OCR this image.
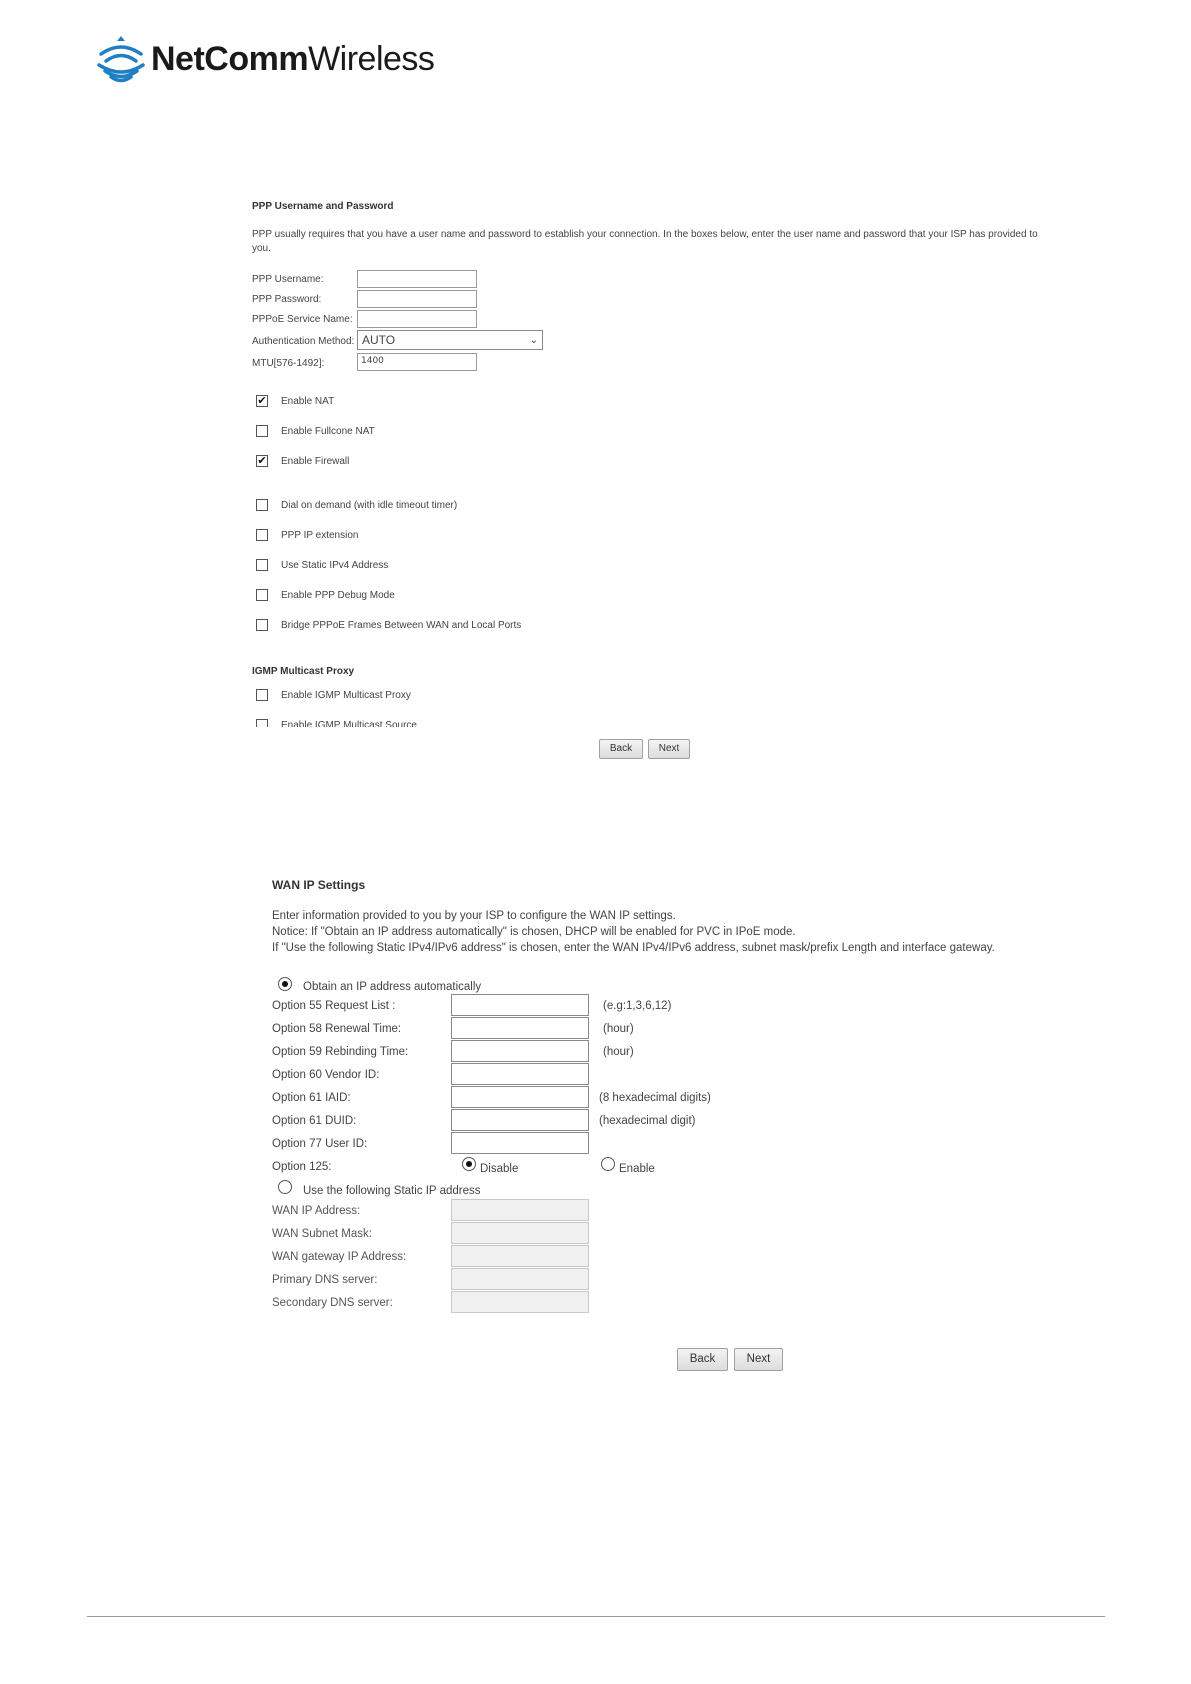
NetCommWireless
PPP Username and Password
PPP usually requires that you have a user name and password to establish your connection. In the boxes below, enter the user name and password that your ISP has provided to you.
PPP Username:
PPP Password:
PPPoE Service Name:
Authentication Method: AUTO	⌄
MTU[576-1492]:	1400
✔ Enable NAT
Enable Fullcone NAT
✔ Enable Firewall
Dial on demand (with idle timeout timer)
PPP IP extension
Use Static IPv4 Address
Enable PPP Debug Mode
Bridge PPPoE Frames Between WAN and Local Ports
IGMP Multicast Proxy
Enable IGMP Multicast Proxy
Enable IGMP Multicast Source
Back	Next
WAN IP Settings
Enter information provided to you by your ISP to configure the WAN IP settings.
Notice: If "Obtain an IP address automatically" is chosen, DHCP will be enabled for PVC in IPoE mode.
If "Use the following Static IPv4/IPv6 address" is chosen, enter the WAN IPv4/IPv6 address, subnet mask/prefix Length and interface gateway.
Obtain an IP address automatically
Option 55 Request List :	(e.g:1,3,6,12)
Option 58 Renewal Time:	(hour)
Option 59 Rebinding Time:	(hour)
Option 60 Vendor ID:
Option 61 IAID:	(8 hexadecimal digits)
Option 61 DUID:	(hexadecimal digit)
Option 77 User ID:
Option 125:	Disable	Enable
Use the following Static IP address
WAN IP Address:
WAN Subnet Mask:
WAN gateway IP Address:
Primary DNS server:
Secondary DNS server:
Back	Next
